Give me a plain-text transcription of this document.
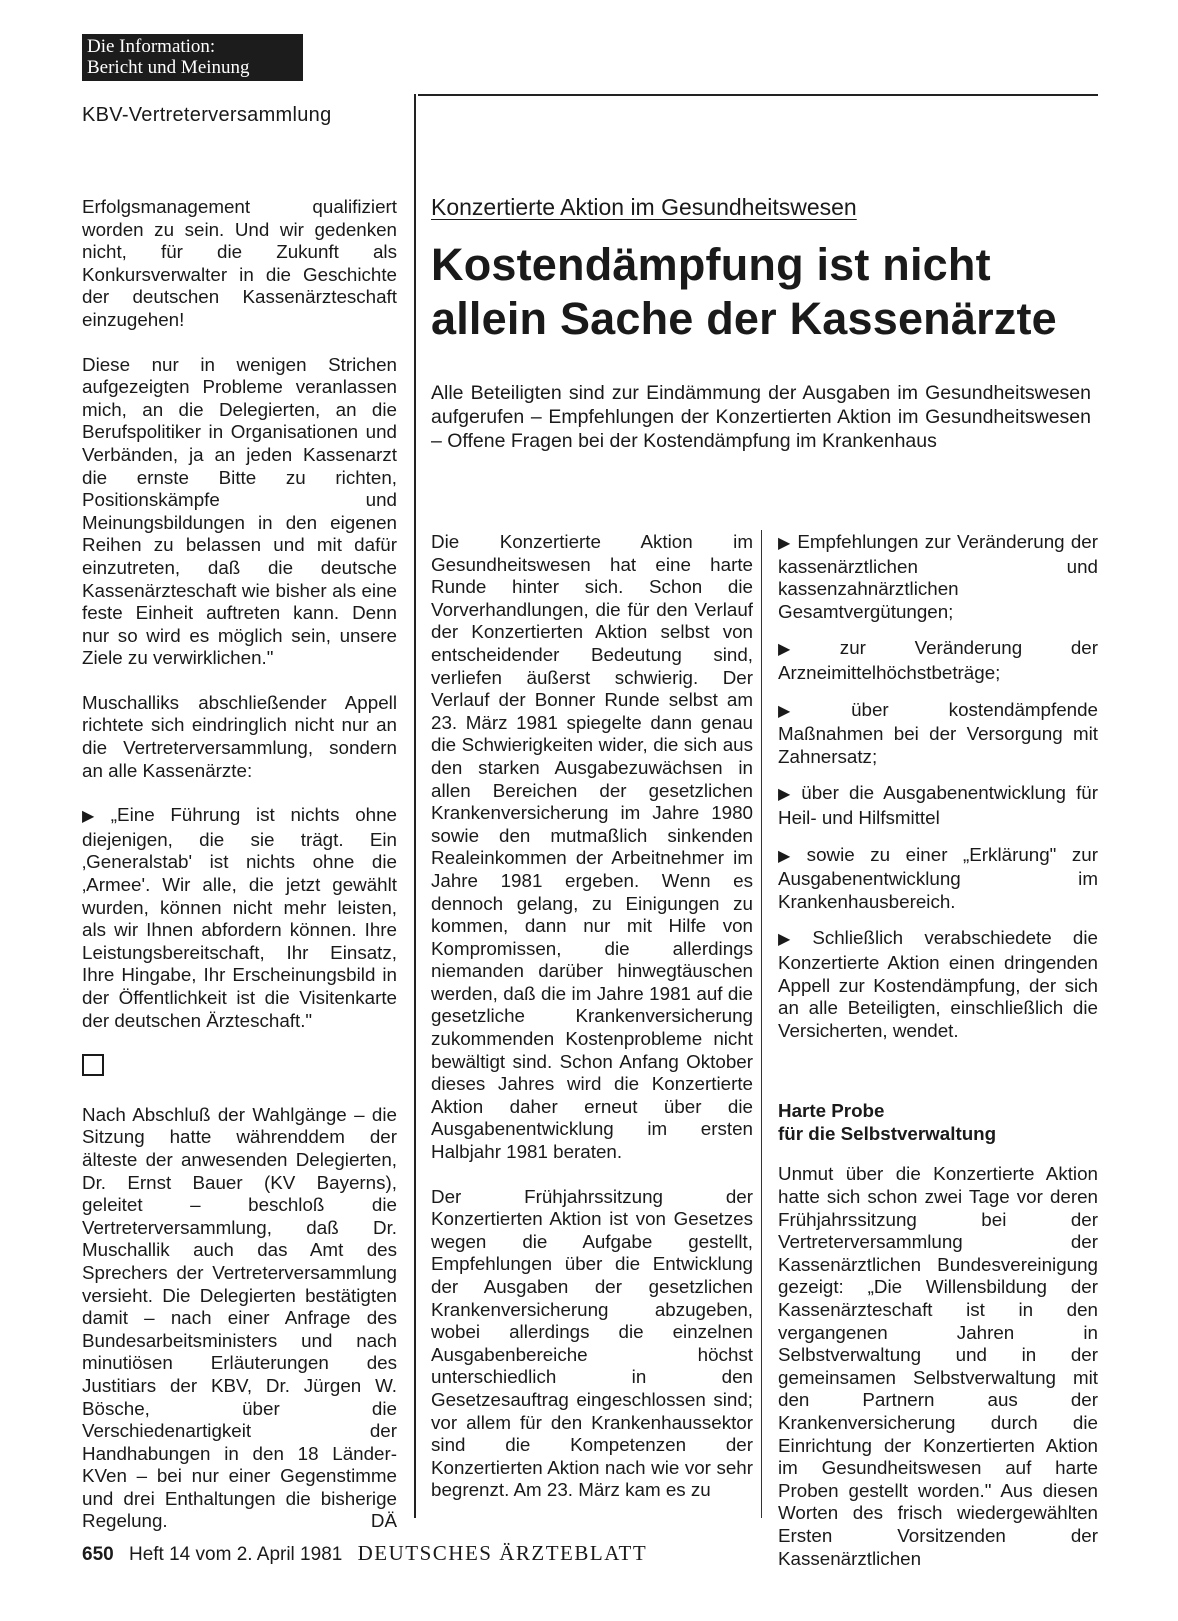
Die Information:
Bericht und Meinung
KBV-Vertreterversammlung

Erfolgsmanagement qualifiziert worden zu sein. Und wir gedenken nicht, für die Zukunft als Konkursverwalter in die Geschichte der deutschen Kassenärzteschaft einzugehen!

Diese nur in wenigen Strichen aufgezeigten Probleme veranlassen mich, an die Delegierten, an die Berufspolitiker in Organisationen und Verbänden, ja an jeden Kassenarzt die ernste Bitte zu richten, Positionskämpfe und Meinungsbildungen in den eigenen Reihen zu belassen und mit dafür einzutreten, daß die deutsche Kassenärzteschaft wie bisher als eine feste Einheit auftreten kann. Denn nur so wird es möglich sein, unsere Ziele zu verwirklichen."

Muschalliks abschließender Appell richtete sich eindringlich nicht nur an die Vertreterversammlung, sondern an alle Kassenärzte:

▶ „Eine Führung ist nichts ohne diejenigen, die sie trägt. Ein ‚Generalstab' ist nichts ohne die ‚Armee'. Wir alle, die jetzt gewählt wurden, können nicht mehr leisten, als wir Ihnen abfordern können. Ihre Leistungsbereitschaft, Ihr Einsatz, Ihre Hingabe, Ihr Erscheinungsbild in der Öffentlichkeit ist die Visitenkarte der deutschen Ärzteschaft."

Nach Abschluß der Wahlgänge – die Sitzung hatte währenddem der älteste der anwesenden Delegierten, Dr. Ernst Bauer (KV Bayerns), geleitet – beschloß die Vertreterversammlung, daß Dr. Muschallik auch das Amt des Sprechers der Vertreterversammlung versieht. Die Delegierten bestätigten damit – nach einer Anfrage des Bundesarbeitsministers und nach minutiösen Erläuterungen des Justitiars der KBV, Dr. Jürgen W. Bösche, über die Verschiedenartigkeit der Handhabungen in den 18 Länder-KVen – bei nur einer Gegenstimme und drei Enthaltungen die bisherige Regelung.	DÄ

Konzertierte Aktion im Gesundheitswesen
Kostendämpfung ist nicht
allein Sache der Kassenärzte
Alle Beteiligten sind zur Eindämmung der Ausgaben im Gesundheitswesen aufgerufen – Empfehlungen der Konzertierten Aktion im Gesundheitswesen – Offene Fragen bei der Kostendämpfung im Krankenhaus

Die Konzertierte Aktion im Gesundheitswesen hat eine harte Runde hinter sich. Schon die Vorverhandlungen, die für den Verlauf der Konzertierten Aktion selbst von entscheidender Bedeutung sind, verliefen äußerst schwierig. Der Verlauf der Bonner Runde selbst am 23. März 1981 spiegelte dann genau die Schwierigkeiten wider, die sich aus den starken Ausgabezuwächsen in allen Bereichen der gesetzlichen Krankenversicherung im Jahre 1980 sowie den mutmaßlich sinkenden Realeinkommen der Arbeitnehmer im Jahre 1981 ergeben. Wenn es dennoch gelang, zu Einigungen zu kommen, dann nur mit Hilfe von Kompromissen, die allerdings niemanden darüber hinwegtäuschen werden, daß die im Jahre 1981 auf die gesetzliche Krankenversicherung zukommenden Kostenprobleme nicht bewältigt sind. Schon Anfang Oktober dieses Jahres wird die Konzertierte Aktion daher erneut über die Ausgabenentwicklung im ersten Halbjahr 1981 beraten.

Der Frühjahrssitzung der Konzertierten Aktion ist von Gesetzes wegen die Aufgabe gestellt, Empfehlungen über die Entwicklung der Ausgaben der gesetzlichen Krankenversicherung abzugeben, wobei allerdings die einzelnen Ausgabenbereiche höchst unterschiedlich in den Gesetzesauftrag eingeschlossen sind; vor allem für den Krankenhaussektor sind die Kompetenzen der Konzertierten Aktion nach wie vor sehr begrenzt. Am 23. März kam es zu

▶ Empfehlungen zur Veränderung der kassenärztlichen und kassenzahnärztlichen Gesamtvergütungen;

▶ zur Veränderung der Arzneimittelhöchstbeträge;

▶ über kostendämpfende Maßnahmen bei der Versorgung mit Zahnersatz;

▶ über die Ausgabenentwicklung für Heil- und Hilfsmittel

▶ sowie zu einer „Erklärung" zur Ausgabenentwicklung im Krankenhausbereich.

▶ Schließlich verabschiedete die Konzertierte Aktion einen dringenden Appell zur Kostendämpfung, der sich an alle Beteiligten, einschließlich die Versicherten, wendet.

Harte Probe
für die Selbstverwaltung

Unmut über die Konzertierte Aktion hatte sich schon zwei Tage vor deren Frühjahrssitzung bei der Vertreterversammlung der Kassenärztlichen Bundesvereinigung gezeigt: „Die Willensbildung der Kassenärzteschaft ist in den vergangenen Jahren in Selbstverwaltung und in der gemeinsamen Selbstverwaltung mit den Partnern aus der Krankenversicherung durch die Einrichtung der Konzertierten Aktion im Gesundheitswesen auf harte Proben gestellt worden." Aus diesen Worten des frisch wiedergewählten Ersten Vorsitzenden der Kassenärztlichen

650 Heft 14 vom 2. April 1981 DEUTSCHES ÄRZTEBLATT
